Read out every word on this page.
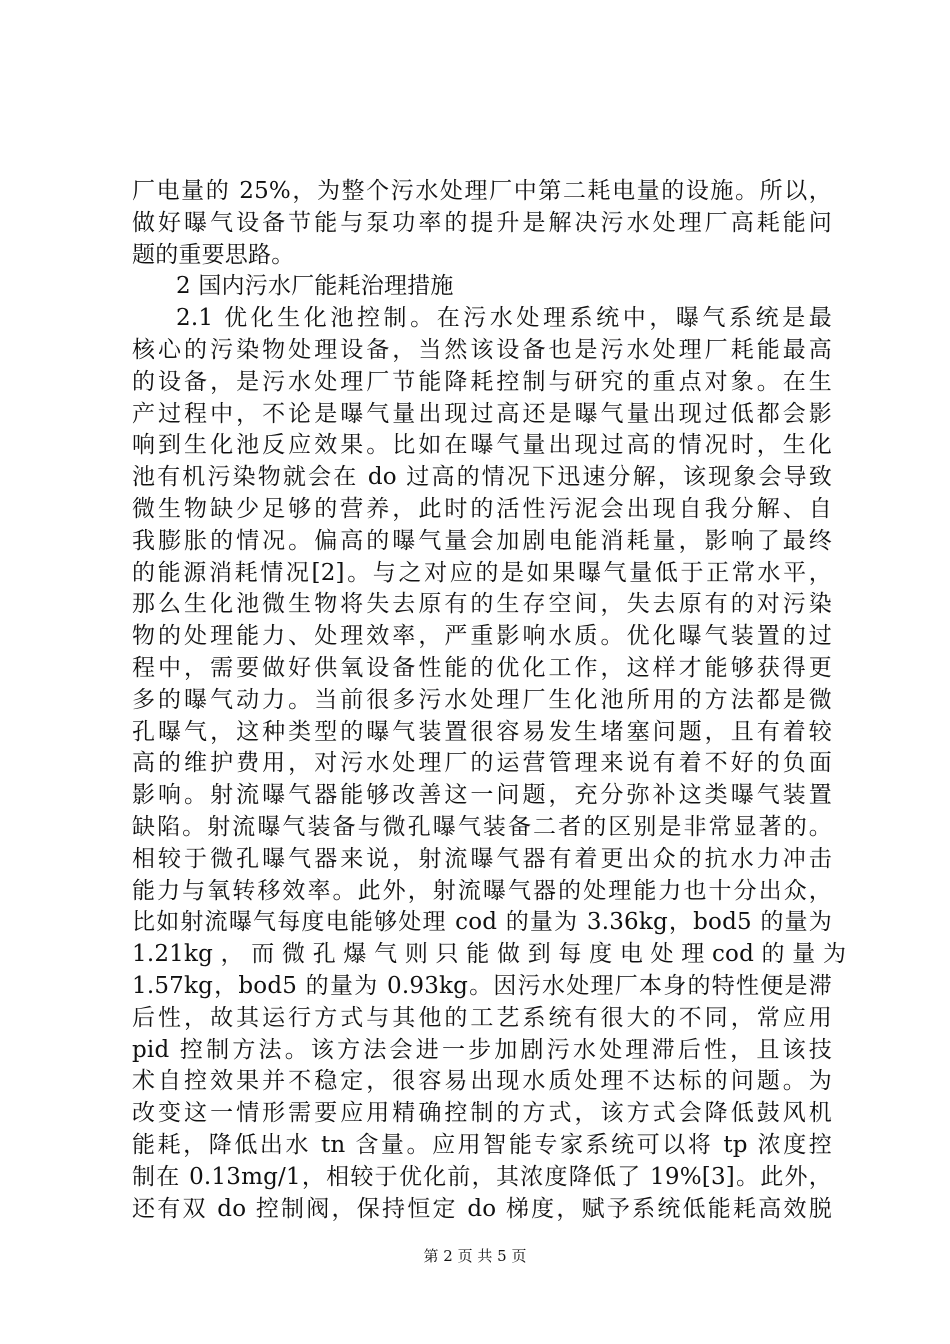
厂电量的 25%，为整个污水处理厂中第二耗电量的设施。所以，
做好曝气设备节能与泵功率的提升是解决污水处理厂高耗能问
题的重要思路。
2 国内污水厂能耗治理措施
2.1 优化生化池控制。在污水处理系统中，曝气系统是最
核心的污染物处理设备，当然该设备也是污水处理厂耗能最高
的设备，是污水处理厂节能降耗控制与研究的重点对象。在生
产过程中，不论是曝气量出现过高还是曝气量出现过低都会影
响到生化池反应效果。比如在曝气量出现过高的情况时，生化
池有机污染物就会在 do 过高的情况下迅速分解，该现象会导致
微生物缺少足够的营养，此时的活性污泥会出现自我分解、自
我膨胀的情况。偏高的曝气量会加剧电能消耗量，影响了最终
的能源消耗情况[2]。与之对应的是如果曝气量低于正常水平，
那么生化池微生物将失去原有的生存空间，失去原有的对污染
物的处理能力、处理效率，严重影响水质。优化曝气装置的过
程中，需要做好供氧设备性能的优化工作，这样才能够获得更
多的曝气动力。当前很多污水处理厂生化池所用的方法都是微
孔曝气，这种类型的曝气装置很容易发生堵塞问题，且有着较
高的维护费用，对污水处理厂的运营管理来说有着不好的负面
影响。射流曝气器能够改善这一问题，充分弥补这类曝气装置
缺陷。射流曝气装备与微孔曝气装备二者的区别是非常显著的。
相较于微孔曝气器来说，射流曝气器有着更出众的抗水力冲击
能力与氧转移效率。此外，射流曝气器的处理能力也十分出众，
比如射流曝气每度电能够处理 cod 的量为 3.36kg，bod5 的量为
1.21kg ， 而 微 孔 爆 气 则 只 能 做 到 每 度 电 处 理 cod 的 量 为
1.57kg，bod5 的量为 0.93kg。因污水处理厂本身的特性便是滞
后性，故其运行方式与其他的工艺系统有很大的不同，常应用
pid 控制方法。该方法会进一步加剧污水处理滞后性，且该技
术自控效果并不稳定，很容易出现水质处理不达标的问题。为
改变这一情形需要应用精确控制的方式，该方式会降低鼓风机
能耗，降低出水 tn 含量。应用智能专家系统可以将 tp 浓度控
制在 0.13mg/1，相较于优化前，其浓度降低了 19%[3]。此外，
还有双 do 控制阀，保持恒定 do 梯度，赋予系统低能耗高效脱
第 2 页 共 5 页
